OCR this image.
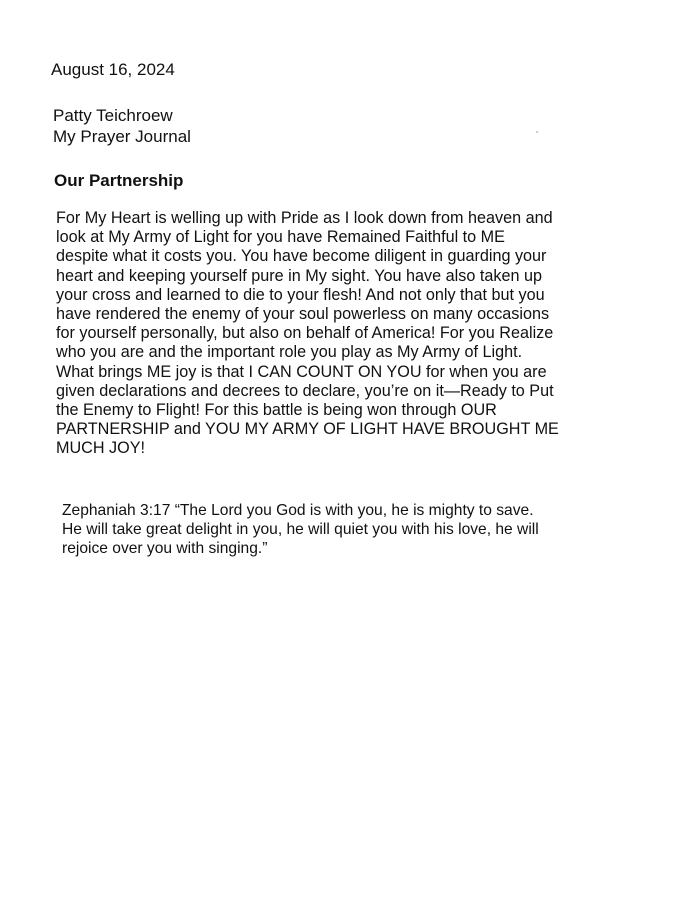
August 16, 2024
Patty Teichroew
My Prayer Journal
Our Partnership
For My Heart is welling up with Pride as I look down from heaven and
look at My Army of Light for you have Remained Faithful to ME
despite what it costs you. You have become diligent in guarding your
heart and keeping yourself pure in My sight. You have also taken up
your cross and learned to die to your flesh! And not only that but you
have rendered the enemy of your soul powerless on many occasions
for yourself personally, but also on behalf of America! For you Realize
who you are and the important role you play as My Army of Light.
What brings ME joy is that I CAN COUNT ON YOU for when you are
given declarations and decrees to declare, you’re on it—Ready to Put
the Enemy to Flight! For this battle is being won through OUR
PARTNERSHIP and YOU MY ARMY OF LIGHT HAVE BROUGHT ME
MUCH JOY!
Zephaniah 3:17 “The Lord you God is with you, he is mighty to save.
He will take great delight in you, he will quiet you with his love, he will
rejoice over you with singing.”
